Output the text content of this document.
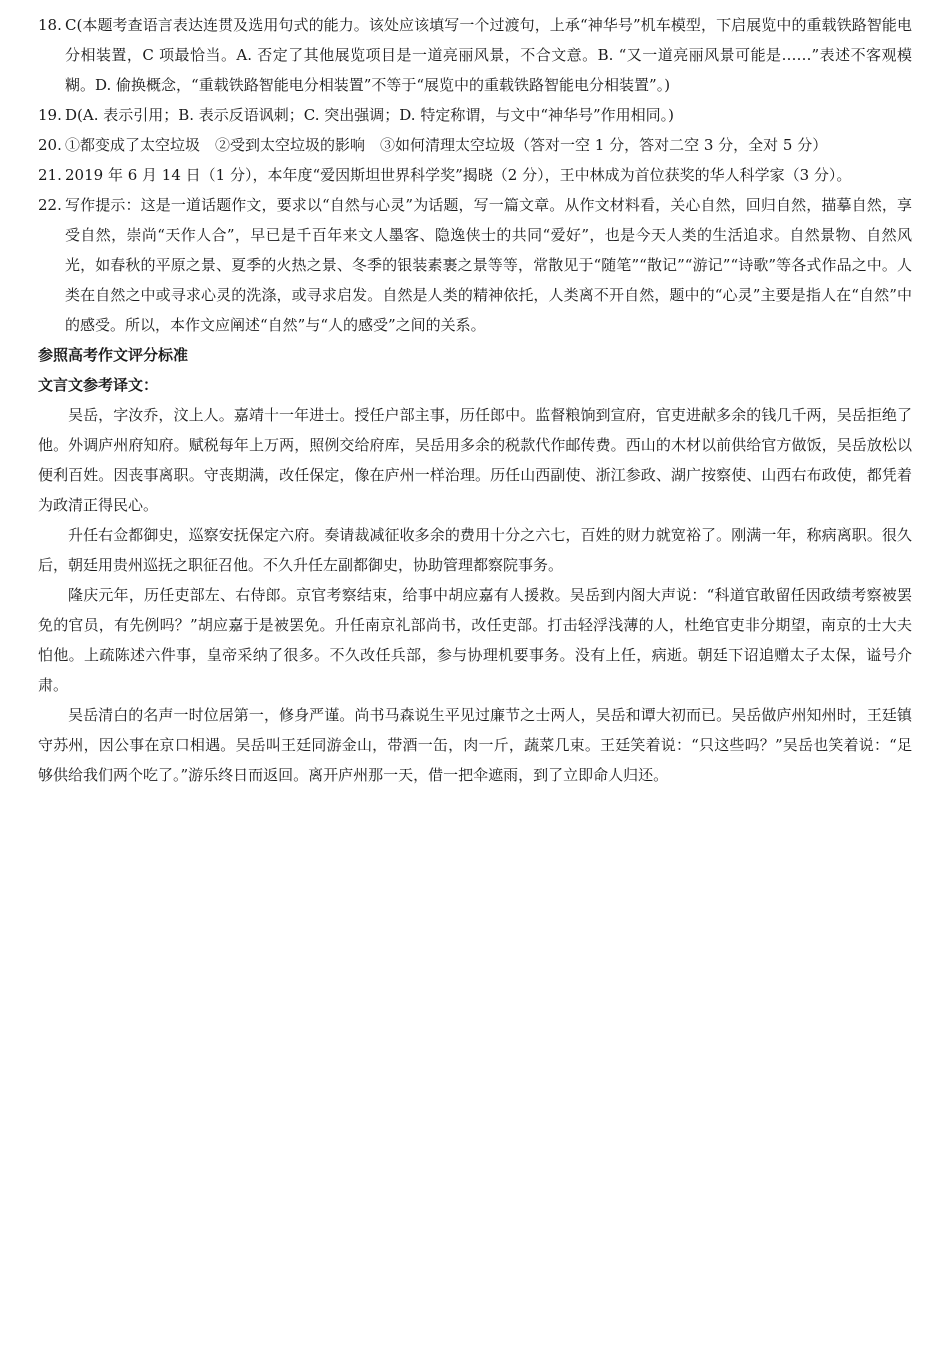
18. C(本题考查语言表达连贯及选用句式的能力。该处应该填写一个过渡句，上承“神华号”机车模型，下启展览中的重载铁路智能电分相装置，C 项最恰当。A. 否定了其他展览项目是一道亮丽风景，不合文意。B. “又一道亮丽风景可能是……”表述不客观模糊。D. 偷换概念，“重载铁路智能电分相装置”不等于“展览中的重载铁路智能电分相装置”。)

19. D(A. 表示引用；B. 表示反语讽刺；C. 突出强调；D. 特定称谓，与文中“神华号”作用相同。)

20. ①都变成了太空垃圾　②受到太空垃圾的影响　③如何清理太空垃圾（答对一空 1 分，答对二空 3 分，全对 5 分）

21. 2019 年 6 月 14 日（1 分），本年度“爱因斯坦世界科学奖”揭晓（2 分），王中林成为首位获奖的华人科学家（3 分）。

22. 写作提示：这是一道话题作文，要求以“自然与心灵”为话题，写一篇文章。从作文材料看，关心自然，回归自然，描摹自然，享受自然，崇尚“天作人合”，早已是千百年来文人墨客、隐逸侠士的共同“爱好”，也是今天人类的生活追求。自然景物、自然风光，如春秋的平原之景、夏季的火热之景、冬季的银装素裹之景等等，常散见于“随笔”“散记”“游记”“诗歌”等各式作品之中。人类在自然之中或寻求心灵的洗涤，或寻求启发。自然是人类的精神依托，人类离不开自然，题中的“心灵”主要是指人在“自然”中的感受。所以，本作文应阐述“自然”与“人的感受”之间的关系。

参照高考作文评分标准

文言文参考译文：

吴岳，字汝乔，汶上人。嘉靖十一年进士。授任户部主事，历任郎中。监督粮饷到宣府，官吏进献多余的钱几千两，吴岳拒绝了他。外调庐州府知府。赋税每年上万两，照例交给府库，吴岳用多余的税款代作邮传费。西山的木材以前供给官方做饭，吴岳放松以便利百姓。因丧事离职。守丧期满，改任保定，像在庐州一样治理。历任山西副使、浙江参政、湖广按察使、山西右布政使，都凭着为政清正得民心。

升任右佥都御史，巡察安抚保定六府。奏请裁减征收多余的费用十分之六七，百姓的财力就宽裕了。刚满一年，称病离职。很久后，朝廷用贵州巡抚之职征召他。不久升任左副都御史，协助管理都察院事务。

隆庆元年，历任吏部左、右侍郎。京官考察结束，给事中胡应嘉有人援救。吴岳到内阁大声说：“科道官敢留任因政绩考察被罢免的官员，有先例吗？”胡应嘉于是被罢免。升任南京礼部尚书，改任吏部。打击轻浮浅薄的人，杜绝官吏非分期望，南京的士大夫怕他。上疏陈述六件事，皇帝采纳了很多。不久改任兵部，参与协理机要事务。没有上任，病逝。朝廷下诏追赠太子太保，谥号介肃。

吴岳清白的名声一时位居第一，修身严谨。尚书马森说生平见过廉节之士两人，吴岳和谭大初而已。吴岳做庐州知州时，王廷镇守苏州，因公事在京口相遇。吴岳叫王廷同游金山，带酒一缶，肉一斤，蔬菜几束。王廷笑着说：“只这些吗？”吴岳也笑着说：“足够供给我们两个吃了。”游乐终日而返回。离开庐州那一天，借一把伞遮雨，到了立即命人归还。
